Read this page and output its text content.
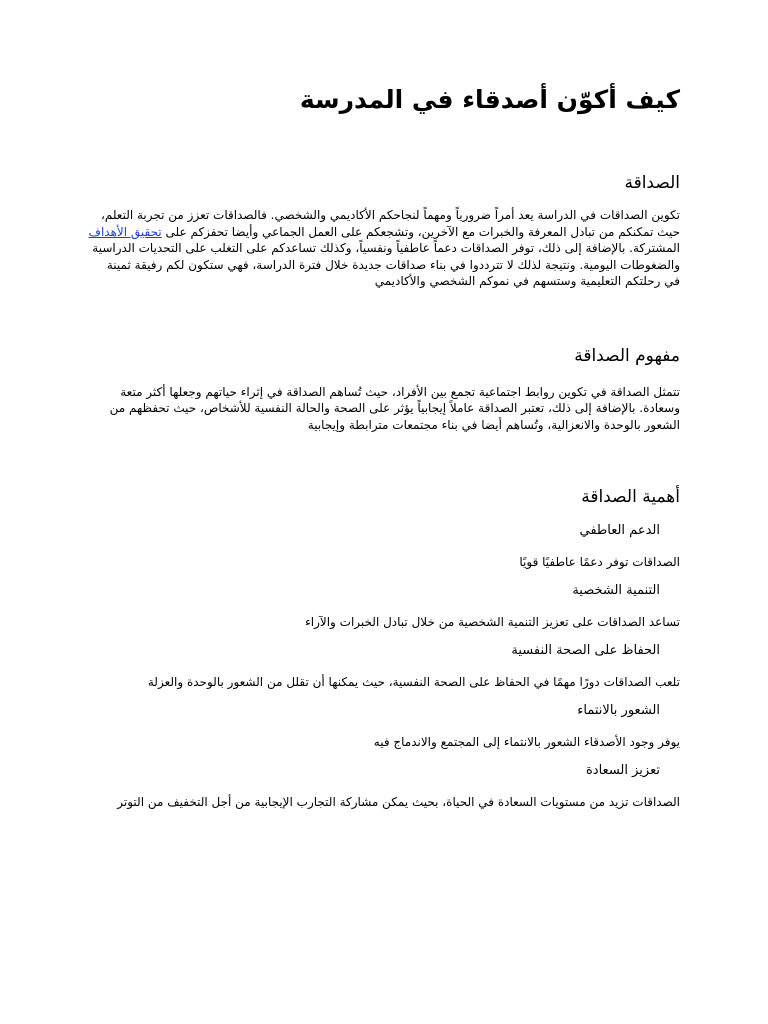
كيف أكوّن أصدقاء في المدرسة
الصداقة

تكوين الصداقات في الدراسة يعد أمراً ضرورياً ومهماً لنجاحكم الأكاديمي والشخصي. فالصداقات تعزز من تجربة التعلم، حيث تمكنكم من تبادل المعرفة والخبرات مع الآخرين، وتشجعكم على العمل الجماعي وأيضا تحفزكم على تحقيق الأهداف المشتركة. بالإضافة إلى ذلك، توفر الصداقات دعماً عاطفياً ونفسياً، وكذلك تساعدكم على التغلب على التحديات الدراسية والضغوطات اليومية. ونتيجة لذلك لا تترددوا في بناء صداقات جديدة خلال فترة الدراسة، فهي ستكون لكم رفيقة ثمينة في رحلتكم التعليمية وستسهم في نموكم الشخصي والأكاديمي

مفهوم الصداقة

تتمثل الصداقة في تكوين روابط اجتماعية تجمع بين الأفراد، حيث تُساهم الصداقة في إثراء حياتهم وجعلها أكثر متعة وسعادة. بالإضافة إلى ذلك، تعتبر الصداقة عاملاً إيجابياً يؤثر على الصحة والحالة النفسية للأشخاص، حيث تحفظهم من الشعور بالوحدة والانعزالية، وتُساهم أيضا في بناء مجتمعات مترابطة وإيجابية

أهمية الصداقة
الدعم العاطفي
الصداقات توفر دعمًا عاطفيًا قويًا
التنمية الشخصية
تساعد الصداقات على تعزيز التنمية الشخصية من خلال تبادل الخبرات والآراء
الحفاظ على الصحة النفسية
تلعب الصداقات دورًا مهمًا في الحفاظ على الصحة النفسية، حيث يمكنها أن تقلل من الشعور بالوحدة والعزلة
الشعور بالانتماء
يوفر وجود الأصدقاء الشعور بالانتماء إلى المجتمع والاندماج فيه
تعزيز السعادة
الصداقات تزيد من مستويات السعادة في الحياة، بحيث يمكن مشاركة التجارب الإيجابية من أجل التخفيف من التوتر
